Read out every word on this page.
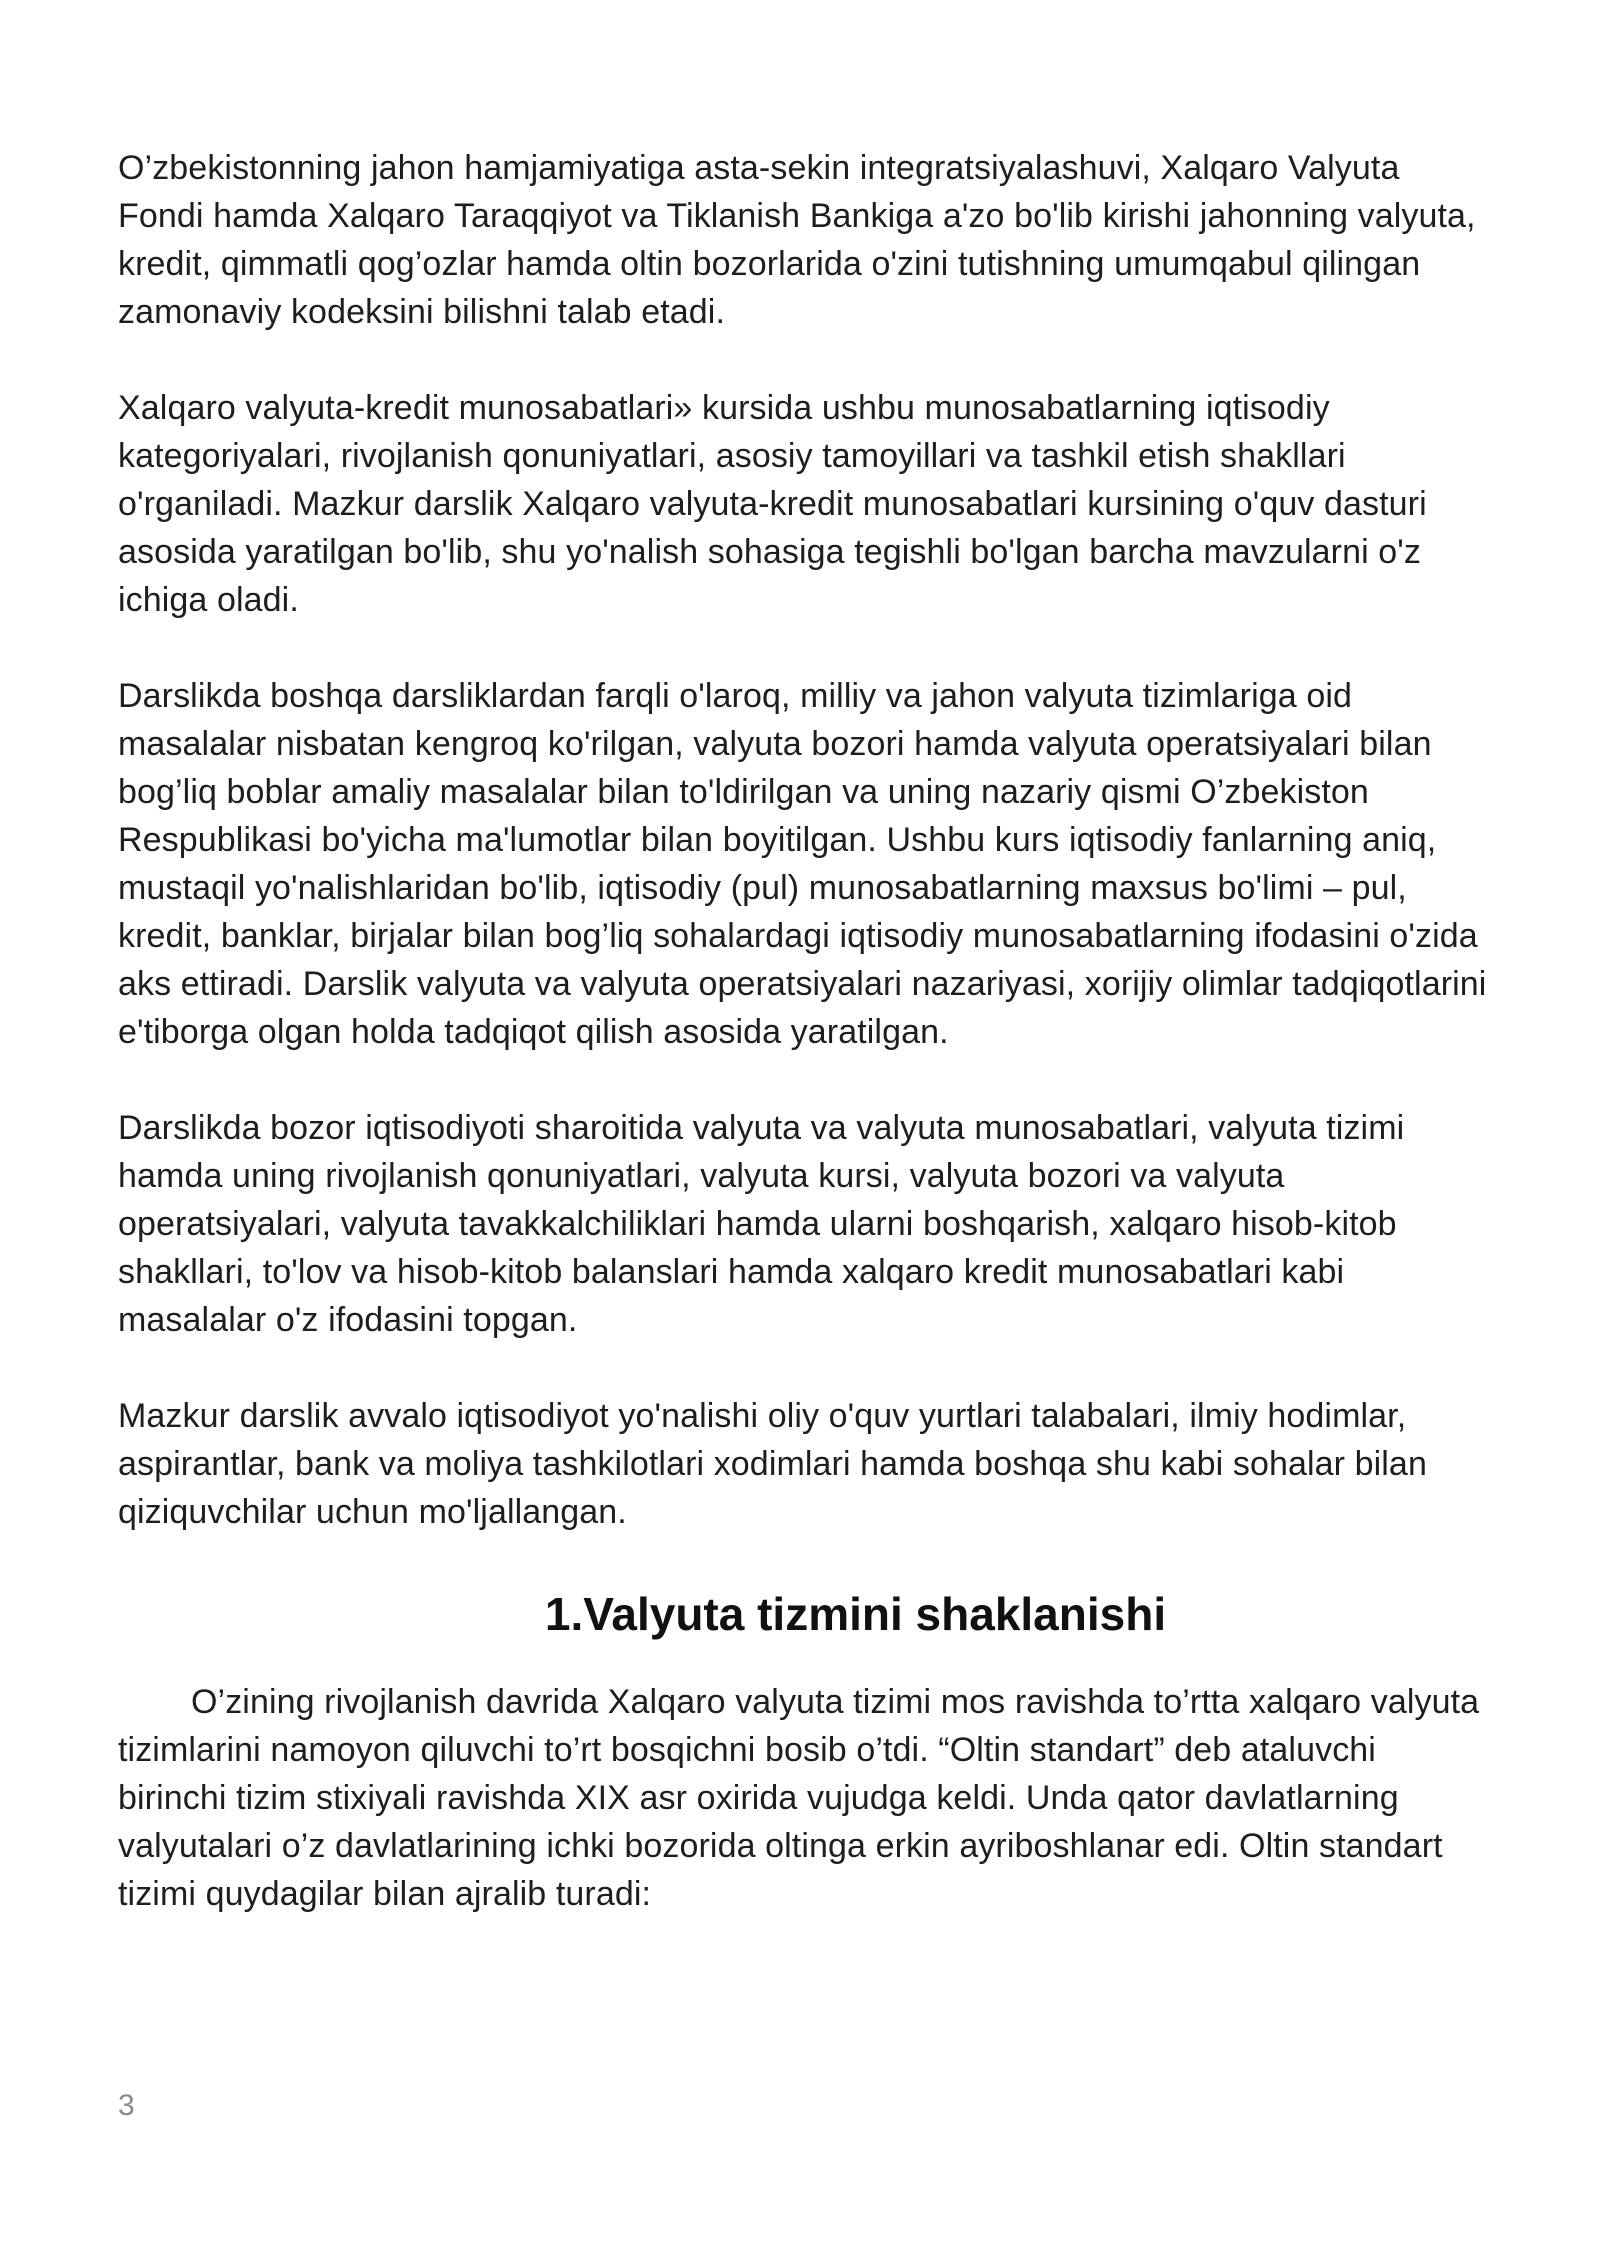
O’zbekistonning jahon hamjamiyatiga asta-sekin integratsiyalashuvi, Xalqaro Valyuta Fondi hamda Xalqaro Taraqqiyot va Tiklanish Bankiga a'zo bo'lib kirishi jahonning valyuta, kredit, qimmatli qog’ozlar hamda oltin bozorlarida o'zini tutishning umumqabul qilingan zamonaviy kodeksini bilishni talab etadi.

Xalqaro valyuta-kredit munosabatlari» kursida ushbu munosabatlarning iqtisodiy kategoriyalari, rivojlanish qonuniyatlari, asosiy tamoyillari va tashkil etish shakllari o'rganiladi. Mazkur darslik Xalqaro valyuta-kredit munosabatlari kursining o'quv dasturi asosida yaratilgan bo'lib, shu yo'nalish sohasiga tegishli bo'lgan barcha mavzularni o'z ichiga oladi.

Darslikda boshqa darsliklardan farqli o'laroq, milliy va jahon valyuta tizimlariga oid masalalar nisbatan kengroq ko'rilgan, valyuta bozori hamda valyuta operatsiyalari bilan bog’liq boblar amaliy masalalar bilan to'ldirilgan va uning nazariy qismi O’zbekiston Respublikasi bo'yicha ma'lumotlar bilan boyitilgan. Ushbu kurs iqtisodiy fanlarning aniq, mustaqil yo'nalishlaridan bo'lib, iqtisodiy (pul) munosabatlarning maxsus bo'limi – pul, kredit, banklar, birjalar bilan bog’liq sohalardagi iqtisodiy munosabatlarning ifodasini o'zida aks ettiradi. Darslik valyuta va valyuta operatsiyalari nazariyasi, xorijiy olimlar tadqiqotlarini e'tiborga olgan holda tadqiqot qilish asosida yaratilgan.

Darslikda bozor iqtisodiyoti sharoitida valyuta va valyuta munosabatlari, valyuta tizimi hamda uning rivojlanish qonuniyatlari, valyuta kursi, valyuta bozori va valyuta operatsiyalari, valyuta tavakkalchiliklari hamda ularni boshqarish, xalqaro hisob-kitob shakllari, to'lov va hisob-kitob balanslari hamda xalqaro kredit munosabatlari kabi masalalar o'z ifodasini topgan.

Mazkur darslik avvalo iqtisodiyot yo'nalishi oliy o'quv yurtlari talabalari, ilmiy hodimlar, aspirantlar, bank va moliya tashkilotlari xodimlari hamda boshqa shu kabi sohalar bilan qiziquvchilar uchun mo'ljallangan.

1.Valyuta tizmini shaklanishi

O’zining rivojlanish davrida Xalqaro valyuta tizimi mos ravishda to’rtta xalqaro valyuta tizimlarini namoyon qiluvchi to’rt bosqichni bosib o’tdi. “Oltin standart” deb ataluvchi birinchi tizim stixiyali ravishda XIX asr oxirida vujudga keldi. Unda qator davlatlarning valyutalari o’z davlatlarining ichki bozorida oltinga erkin ayriboshlanar edi. Oltin standart tizimi quydagilar bilan ajralib turadi:

3
